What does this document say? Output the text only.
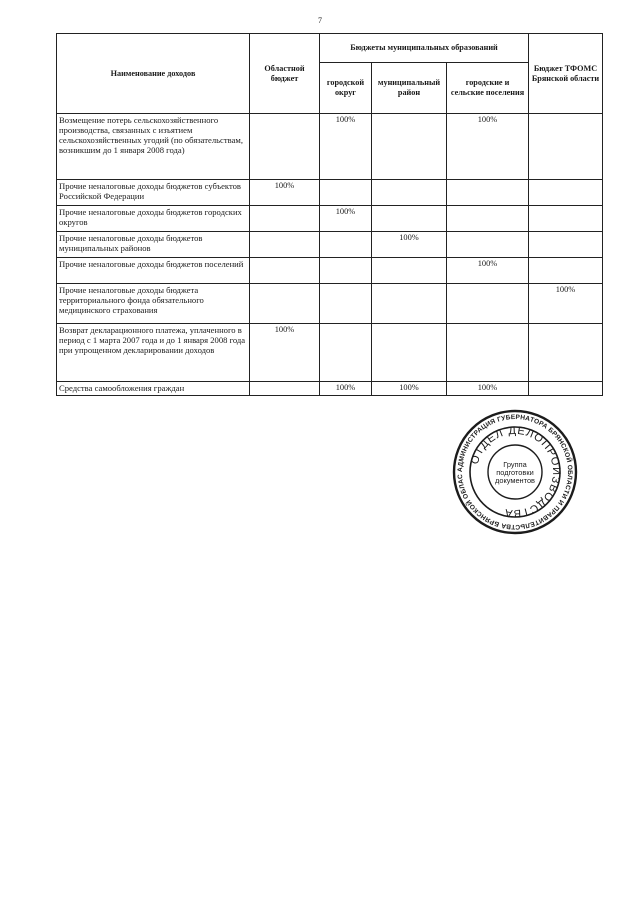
7
Наименование доходов	Областной бюджет	Бюджеты муниципальных образований			Бюджет ТФОМС Брянской области
		городской округ	муниципальный район	городские и сельские поселения	
Возмещение потерь сельскохозяйственного производства, связанных с изъятием сельскохозяйственных угодий (по обязательствам, возникшим до 1 января 2008 года)		100%		100%	
Прочие неналоговые доходы бюджетов субъектов Российской Федерации	100%				
Прочие неналоговые доходы бюджетов городских округов		100%			
Прочие неналоговые доходы бюджетов муниципальных районов			100%		
Прочие неналоговые доходы бюджетов поселений				100%	
Прочие неналоговые доходы бюджета территориального фонда обязательного медицинского страхования					100%
Возврат декларационного платежа, уплаченного в период с 1 марта 2007 года и до 1 января 2008 года при упрощенном декларировании доходов	100%				
Средства самообложения граждан		100%	100%	100%	
АДМИНИСТРАЦИЯ ГУБЕРНАТОРА БРЯНСКОЙ ОБЛАСТИ И ПРАВИТЕЛЬСТВА БРЯНСКОЙ ОБЛАС
ОТДЕЛ ДЕЛОПРОИЗВОДСТВА
Группа
подготовки
документов
